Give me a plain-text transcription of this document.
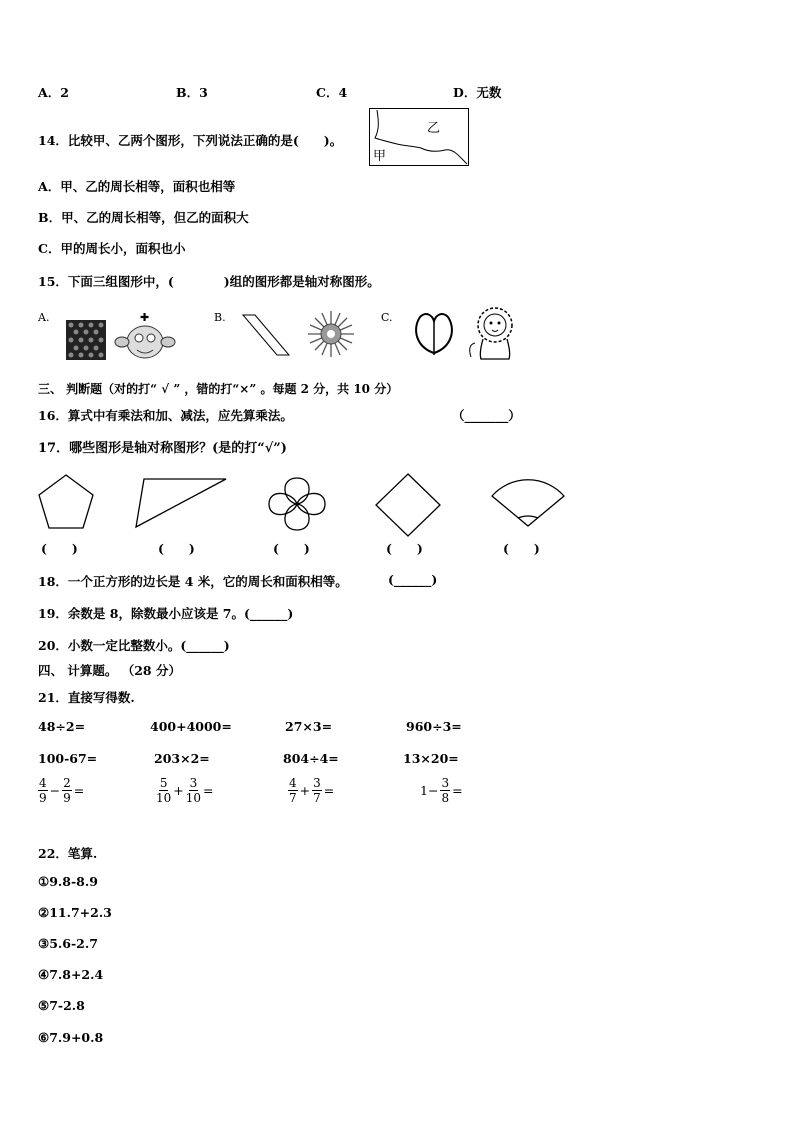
A．2	B．3	C．4	D．无数
14．比较甲、乙两个图形，下列说法正确的是(　　)。
乙
甲
A．甲、乙的周长相等，面积也相等
B．甲、乙的周长相等，但乙的面积大
C．甲的周长小，面积也小
15．下面三组图形中，(　　　　)组的图形都是轴对称图形。
A.	✚	B.	C.
三、 判断题（对的打“ √ ” ，错的打“×” 。每题 2 分，共 10 分）
16．算式中有乘法和加、减法，应先算乘法。	（_______）
17．哪些图形是轴对称图形？(是的打“√”)
(　　)	(　　)	(　　)	(　　)	(　　)
18．一个正方形的边长是 4 米，它的周长和面积相等。	(______)
19．余数是 8，除数最小应该是 7。(______)
20．小数一定比整数小。(______)
四、 计算题。 （28 分）
21．直接写得数.
48÷2=	400+4000=	27×3=	960÷3=
100-67=	203×2=	804÷4=	13×20=
$\frac{4}{9} - \frac{2}{9}$ =	$\frac{5}{10} + \frac{3}{10}$ =	$\frac{4}{7} + \frac{3}{7}$ =	$1- \frac{3}{8}$ =
22．笔算.
①9.8-8.9
②11.7+2.3
③5.6-2.7
④7.8+2.4
⑤7-2.8
⑥7.9+0.8
